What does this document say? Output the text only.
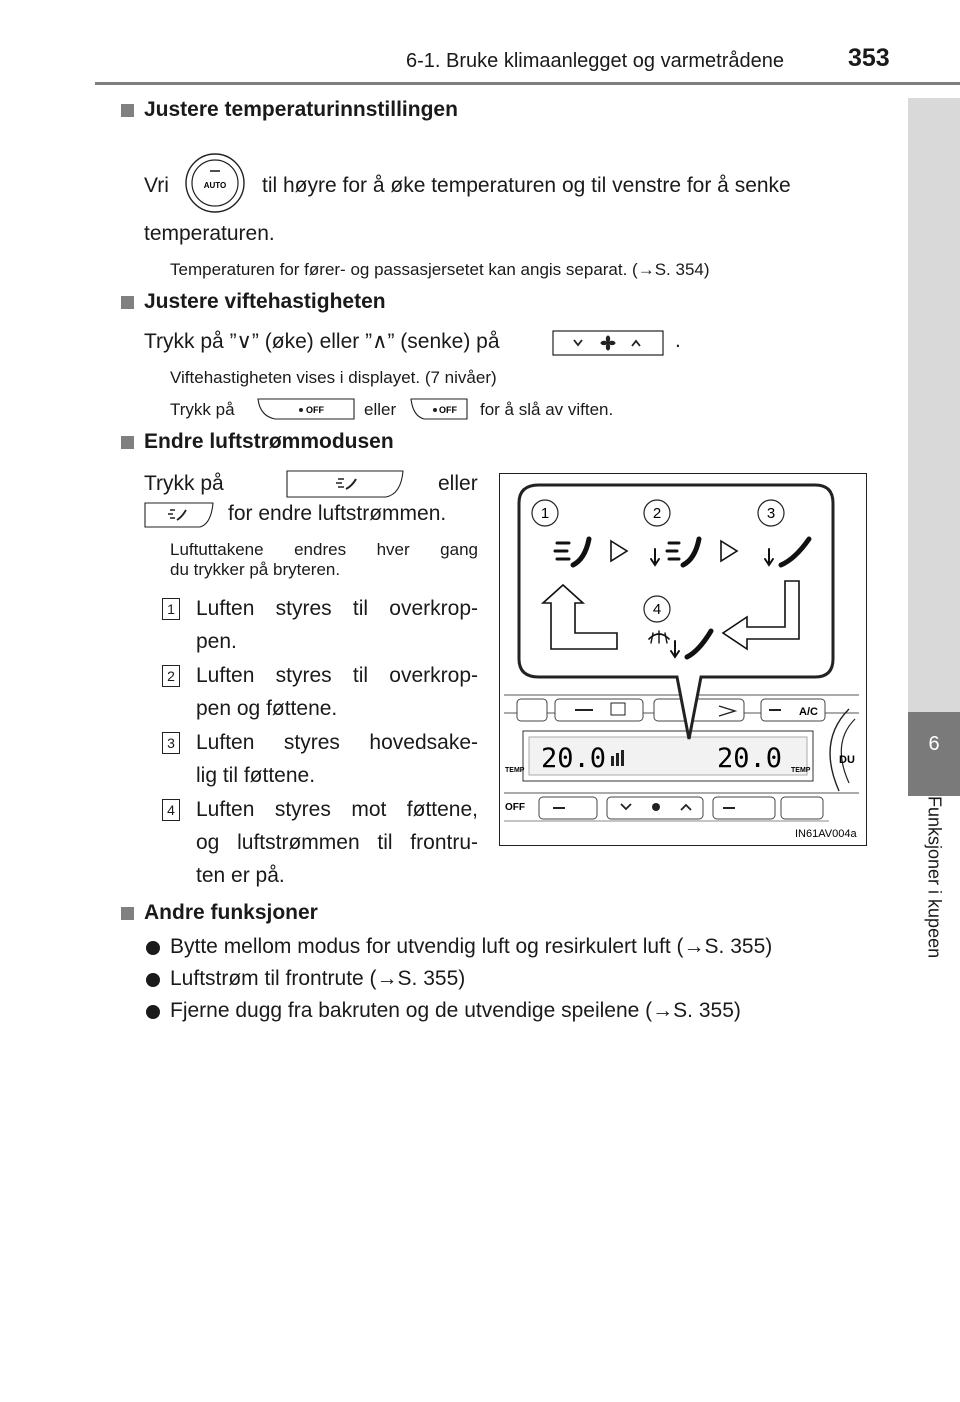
6-1. Bruke klimaanlegget og varmetrådene	353
6
Funksjoner i kupeen
Justere temperaturinnstillingen
Vri	AUTO til høyre for å øke temperaturen og til venstre for å senke
temperaturen.
Temperaturen for fører- og passasjersetet kan angis separat. (→S. 354)
Justere viftehastigheten
Trykk på ”∨” (øke) eller ”∧” (senke) på	.
Viftehastigheten vises i displayet. (7 nivåer)
Trykk på	OFF eller	OFF for å slå av viften.
Endre luftstrømmodusen
Trykk på	eller
for endre luftstrømmen.
Luftuttakene endres hver gang
du trykker på bryteren.
1 Luften styres til overkrop-
pen.
2 Luften styres til overkrop-
pen og føttene.
3 Luften styres hovedsake-
lig til føttene.
4 Luften styres mot føttene,
og luftstrømmen til frontru-
ten er på.
A/C
20.0	20.0
TEMP	TEMP
DU
OFF
IN61AV004a
1	2	3
4
Andre funksjoner
Bytte mellom modus for utvendig luft og resirkulert luft (→S. 355)
Luftstrøm til frontrute (→S. 355)
Fjerne dugg fra bakruten og de utvendige speilene (→S. 355)
